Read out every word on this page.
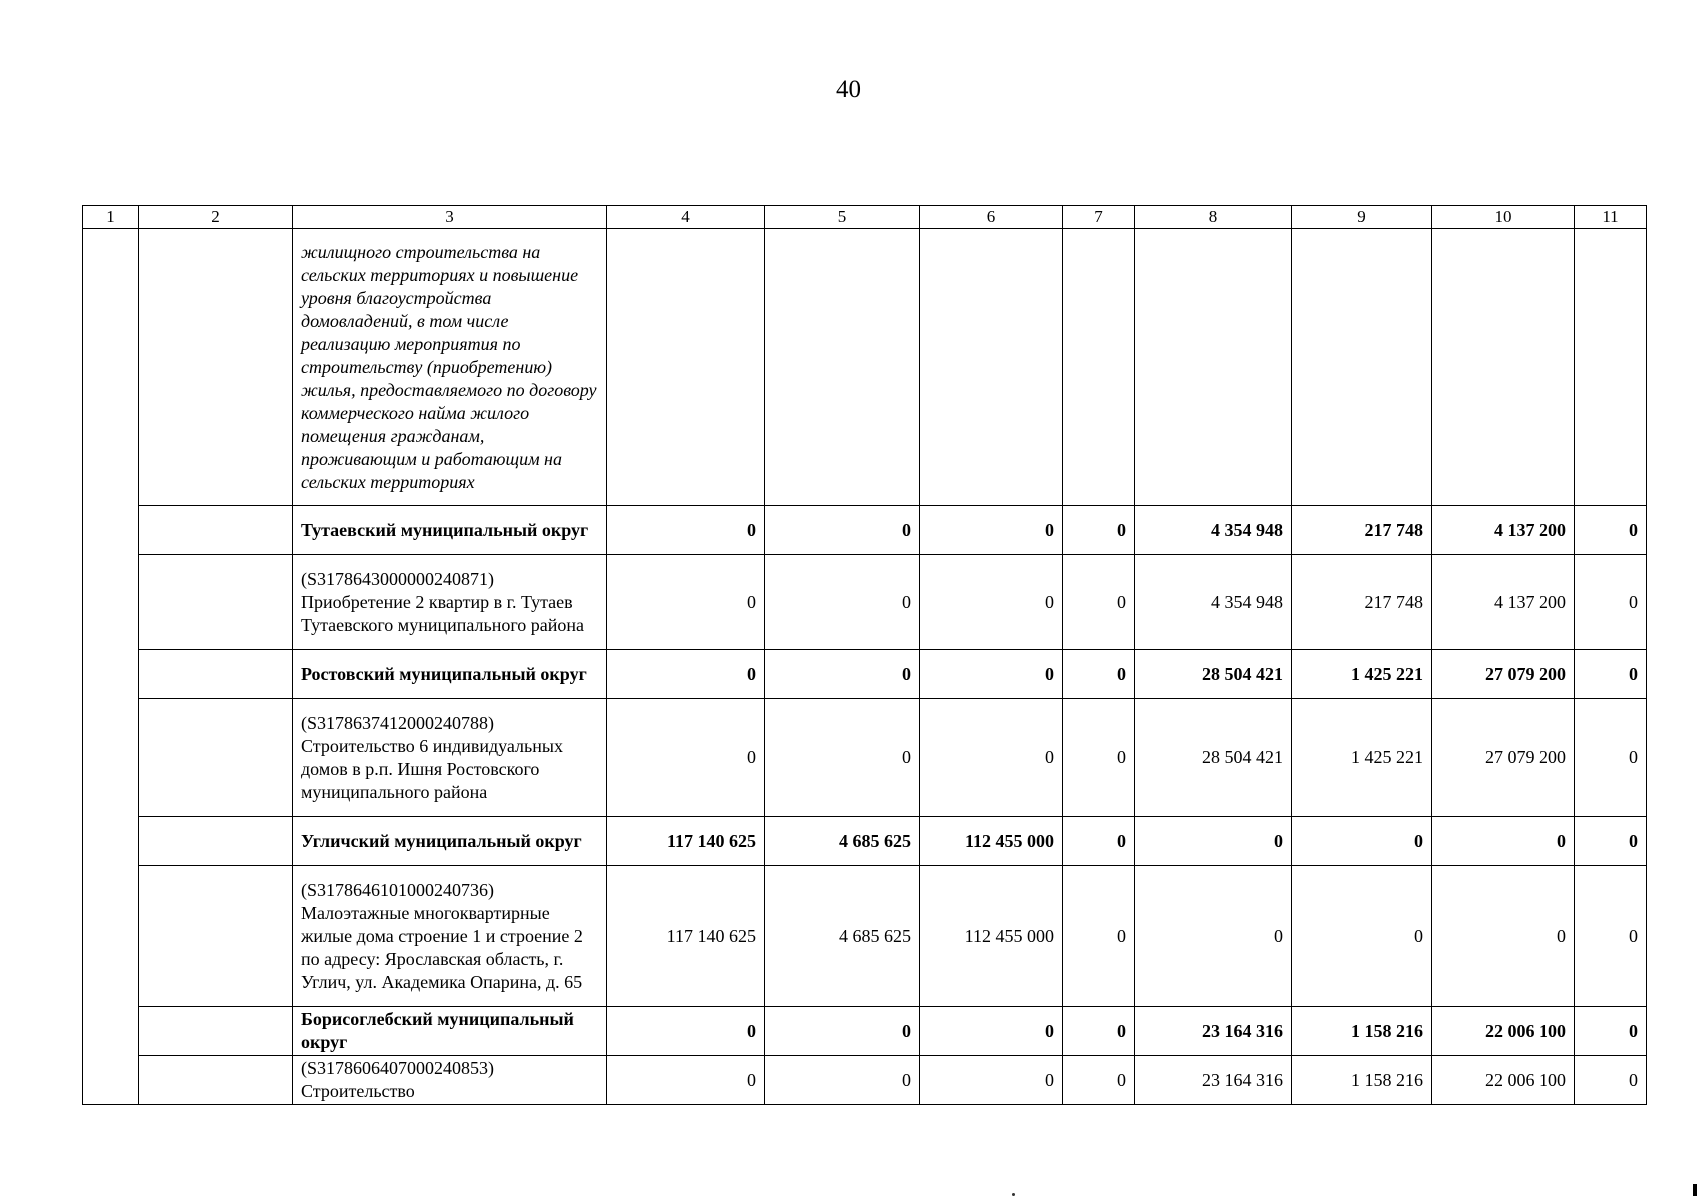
40
1	2	3	4	5	6	7	8	9	10	11
		жилищного строительства на сельских территориях и повышение уровня благоустройства домовладений, в том числе реализацию мероприятия по строительству (приобретению) жилья, предоставляемого по договору коммерческого найма жилого помещения гражданам, проживающим и работающим на сельских территориях								
		Тутаевский муниципальный округ	0	0	0	0	4 354 948	217 748	4 137 200	0
		(S3178643000000240871) Приобретение 2 квартир в г. Тутаев Тутаевского муниципального района	0	0	0	0	4 354 948	217 748	4 137 200	0
		Ростовский муниципальный округ	0	0	0	0	28 504 421	1 425 221	27 079 200	0
		(S3178637412000240788) Строительство 6 индивидуальных домов в р.п. Ишня Ростовского муниципального района	0	0	0	0	28 504 421	1 425 221	27 079 200	0
		Угличский муниципальный округ	117 140 625	4 685 625	112 455 000	0	0	0	0	0
		(S3178646101000240736) Малоэтажные многоквартирные жилые дома строение 1 и строение 2 по адресу: Ярославская область, г. Углич, ул. Академика Опарина, д. 65	117 140 625	4 685 625	112 455 000	0	0	0	0	0
		Борисоглебский муниципальный округ	0	0	0	0	23 164 316	1 158 216	22 006 100	0
		(S3178606407000240853) Строительство	0	0	0	0	23 164 316	1 158 216	22 006 100	0
